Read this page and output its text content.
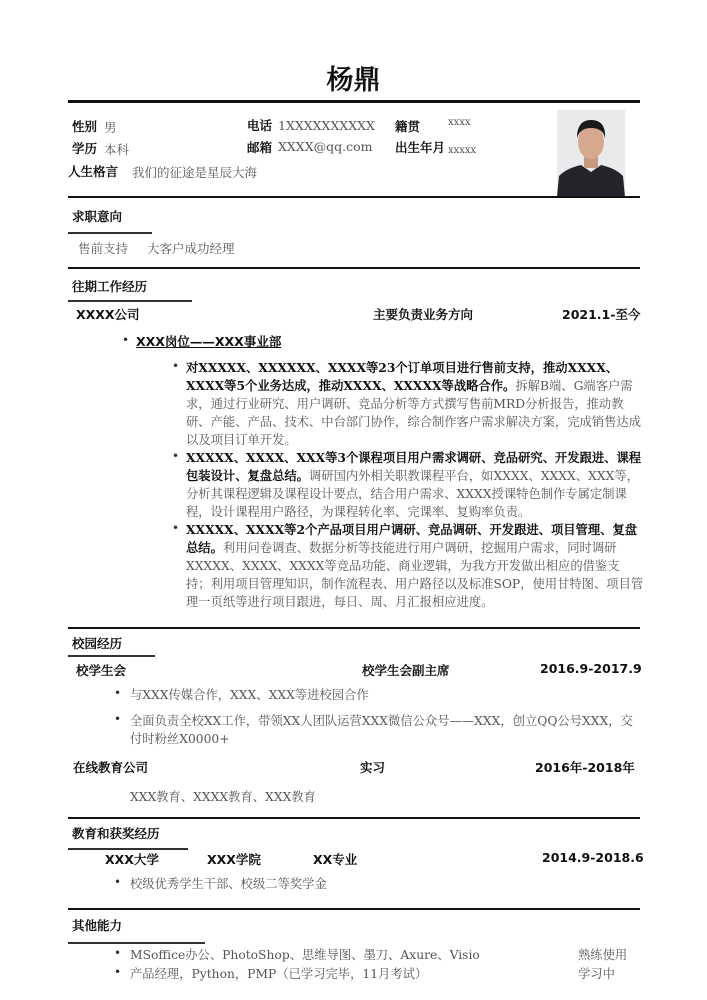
杨鼎
性别 男	电话 1XXXXXXXXXX 籍贯	xxxx
学历 本科	邮箱 XXXX@qq.com 出生年月 xxxxx
人生格言 我们的征途是星辰大海
求职意向
售前支持 大客户成功经理
往期工作经历
XXXX公司	主要负责业务方向	2021.1-至今
• XXX岗位——XXX事业部
• 对XXXXX、XXXXXX、XXXX等23个订单项目进行售前支持，推动XXXX、XXXX等5个业务达成，推动XXXX、XXXXX等战略合作。拆解B端、G端客户需求，通过行业研究、用户调研、竞品分析等方式撰写售前MRD分析报告，推动教研、产能、产品、技术、中台部门协作，综合制作客户需求解决方案，完成销售达成以及项目订单开发。
• XXXXX、XXXX、XXX等3个课程项目用户需求调研、竞品研究、开发跟进、课程包装设计、复盘总结。调研国内外相关职教课程平台，如XXXX、XXXX、XXX等，分析其课程逻辑及课程设计要点，结合用户需求、XXXX授课特色制作专属定制课程，设计课程用户路径，为课程转化率、完课率、复购率负责。
• XXXXX、XXXX等2个产品项目用户调研、竞品调研、开发跟进、项目管理、复盘总结。利用问卷调查、数据分析等技能进行用户调研，挖掘用户需求，同时调研XXXXX、XXXX、XXXX等竞品功能、商业逻辑，为我方开发做出相应的借鉴支持；利用项目管理知识，制作流程表、用户路径以及标准SOP，使用甘特图、项目管理一页纸等进行项目跟进，每日、周、月汇报相应进度。
校园经历
校学生会	校学生会副主席	2016.9-2017.9
• 与XXX传媒合作，XXX、XXX等进校园合作
• 全面负责全校XX工作，带领XX人团队运营XXX微信公众号——XXX，创立QQ公号XXX，交付时粉丝X0000+
在线教育公司	实习	2016年-2018年
XXX教育、XXXX教育、XXX教育
教育和获奖经历
XXX大学	XXX学院	XX专业	2014.9-2018.6
• 校级优秀学生干部、校级二等奖学金
其他能力
• MSoffice办公、PhotoShop、思维导图、墨刀、Axure、Visio	熟练使用
• 产品经理，Python，PMP（已学习完毕，11月考试）	学习中
